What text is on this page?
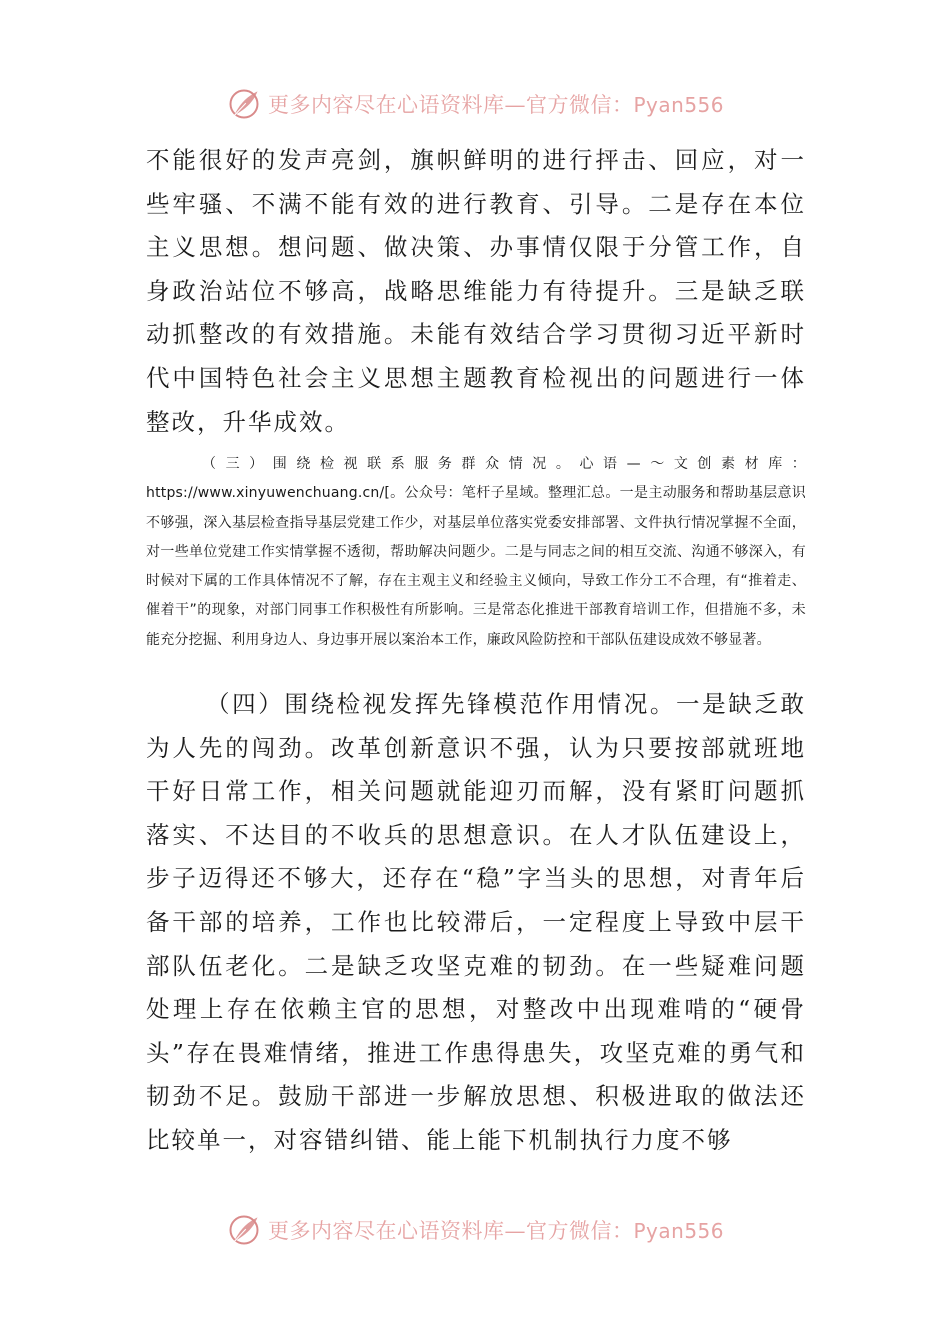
更多内容尽在心语资料库—官方微信：Pyan556

不能很好的发声亮剑，旗帜鲜明的进行抨击、回应，对一些牢骚、不满不能有效的进行教育、引导。二是存在本位主义思想。想问题、做决策、办事情仅限于分管工作，自身政治站位不够高，战略思维能力有待提升。三是缺乏联动抓整改的有效措施。未能有效结合学习贯彻习近平新时代中国特色社会主义思想主题教育检视出的问题进行一体整改，升华成效。

（三）围绕检视联系服务群众情况。心语—～文创素材库：https://www.xinyuwenchuang.cn/[。公众号：笔杆子星域。整理汇总。一是主动服务和帮助基层意识不够强，深入基层检查指导基层党建工作少，对基层单位落实党委安排部署、文件执行情况掌握不全面，对一些单位党建工作实情掌握不透彻，帮助解决问题少。二是与同志之间的相互交流、沟通不够深入，有时候对下属的工作具体情况不了解，存在主观主义和经验主义倾向，导致工作分工不合理，有“推着走、催着干”的现象，对部门同事工作积极性有所影响。三是常态化推进干部教育培训工作，但措施不多，未能充分挖掘、利用身边人、身边事开展以案治本工作，廉政风险防控和干部队伍建设成效不够显著。

（四）围绕检视发挥先锋模范作用情况。一是缺乏敢为人先的闯劲。改革创新意识不强，认为只要按部就班地干好日常工作，相关问题就能迎刃而解，没有紧盯问题抓落实、不达目的不收兵的思想意识。在人才队伍建设上，步子迈得还不够大，还存在“稳”字当头的思想，对青年后备干部的培养，工作也比较滞后，一定程度上导致中层干部队伍老化。二是缺乏攻坚克难的韧劲。在一些疑难问题处理上存在依赖主官的思想，对整改中出现难啃的“硬骨头”存在畏难情绪，推进工作患得患失，攻坚克难的勇气和韧劲不足。鼓励干部进一步解放思想、积极进取的做法还比较单一，对容错纠错、能上能下机制执行力度不够

更多内容尽在心语资料库—官方微信：Pyan556
